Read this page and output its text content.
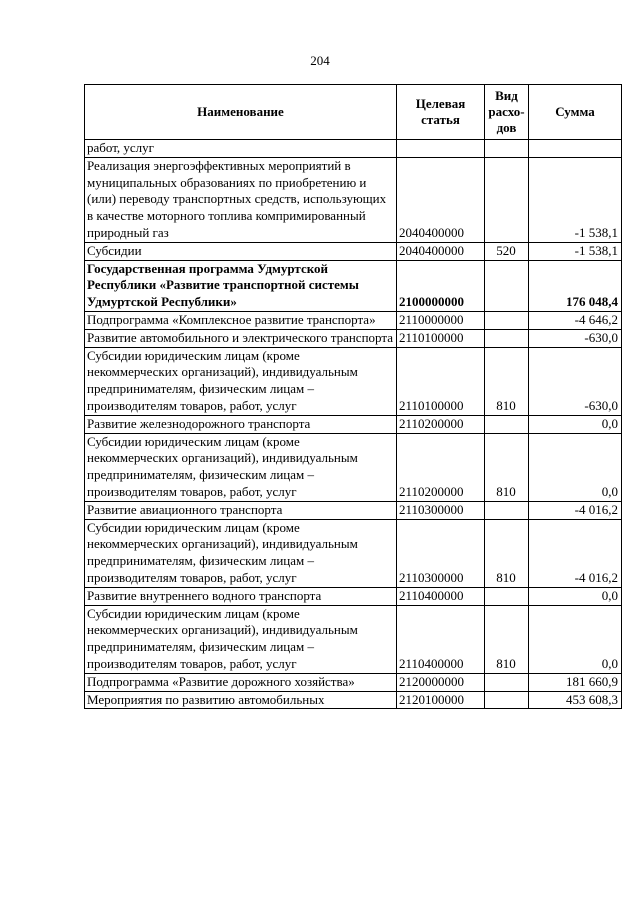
204
Наименование	Целевая статья	Вид расхо-дов	Сумма
работ, услуг			
Реализация энергоэффективных мероприятий в муниципальных образованиях по приобретению и (или) переводу транспортных средств, использующих в качестве моторного топлива компримированный природный газ	2040400000		-1 538,1
Субсидии	2040400000	520	-1 538,1
Государственная программа Удмуртской Республики «Развитие транспортной системы Удмуртской Республики»	2100000000		176 048,4
Подпрограмма «Комплексное развитие транспорта»	2110000000		-4 646,2
Развитие автомобильного и электрического транспорта	2110100000		-630,0
Субсидии юридическим лицам (кроме некоммерческих организаций), индивидуальным предпринимателям, физическим лицам – производителям товаров, работ, услуг	2110100000	810	-630,0
Развитие железнодорожного транспорта	2110200000		0,0
Субсидии юридическим лицам (кроме некоммерческих организаций), индивидуальным предпринимателям, физическим лицам – производителям товаров, работ, услуг	2110200000	810	0,0
Развитие авиационного транспорта	2110300000		-4 016,2
Субсидии юридическим лицам (кроме некоммерческих организаций), индивидуальным предпринимателям, физическим лицам – производителям товаров, работ, услуг	2110300000	810	-4 016,2
Развитие внутреннего водного транспорта	2110400000		0,0
Субсидии юридическим лицам (кроме некоммерческих организаций), индивидуальным предпринимателям, физическим лицам – производителям товаров, работ, услуг	2110400000	810	0,0
Подпрограмма «Развитие дорожного хозяйства»	2120000000		181 660,9
Мероприятия по развитию автомобильных	2120100000		453 608,3
